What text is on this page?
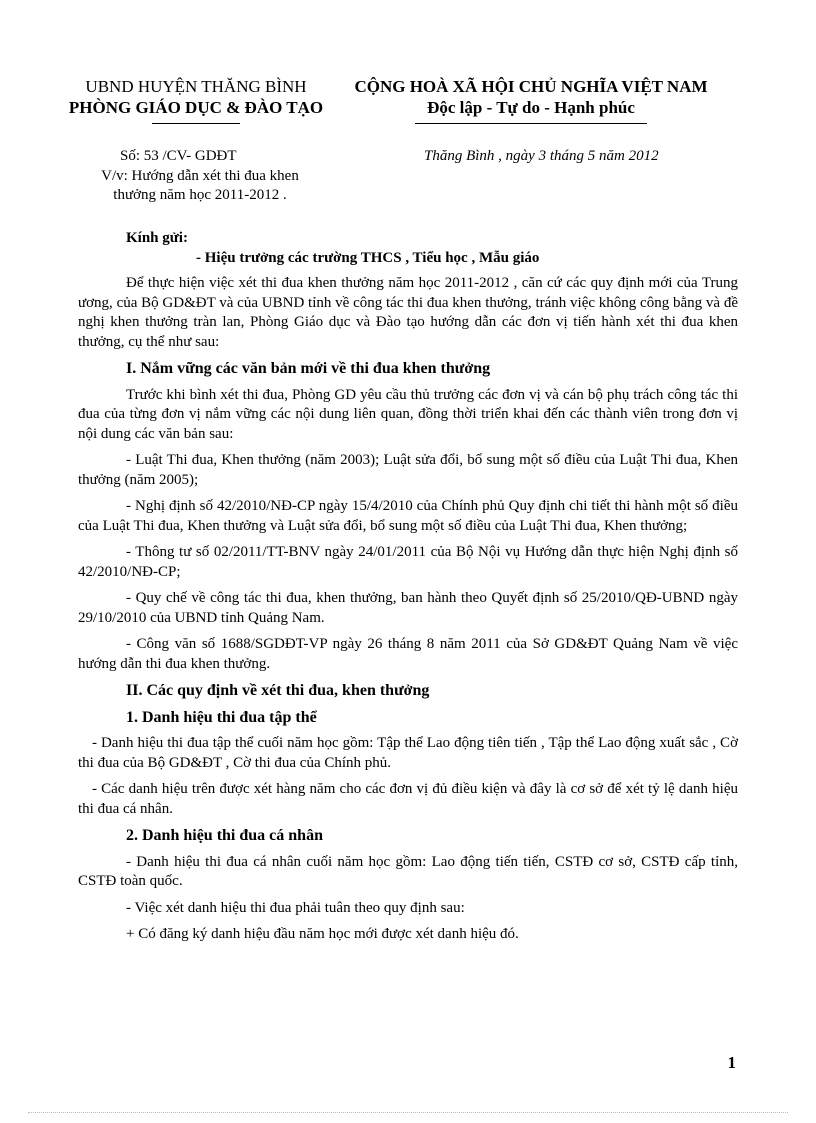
UBND HUYỆN THĂNG BÌNH
PHÒNG GIÁO DỤC & ĐÀO TẠO
CỘNG HOÀ XÃ HỘI CHỦ NGHĨA VIỆT NAM
Độc lập - Tự do - Hạnh phúc
Số: 53 /CV- GDĐT
V/v: Hướng dẫn xét thi đua khen
thưởng năm học 2011-2012 .
Thăng Bình , ngày 3 tháng 5 năm 2012

Kính gửi:

- Hiệu trưởng các trường THCS , Tiểu học , Mẫu giáo

Để thực hiện việc xét thi đua khen thưởng năm học 2011-2012 , căn cứ các quy định mới của Trung ương, của Bộ GD&ĐT và của UBND tỉnh về công tác thi đua khen thưởng, tránh việc không công bằng và đề nghị khen thưởng tràn lan, Phòng Giáo dục và Đào tạo hướng dẫn các đơn vị tiến hành xét thi đua khen thưởng, cụ thể như sau:

I. Nắm vững các văn bản mới về thi đua khen thưởng

Trước khi bình xét thi đua, Phòng GD yêu cầu thủ trưởng các đơn vị và cán bộ phụ trách công tác thi đua của từng đơn vị nắm vững các nội dung liên quan, đồng thời triển khai đến các thành viên trong đơn vị nội dung các văn bản sau:

- Luật Thi đua, Khen thưởng (năm 2003); Luật sửa đổi, bổ sung một số điều của Luật Thi đua, Khen thưởng (năm 2005);

- Nghị định số 42/2010/NĐ-CP ngày 15/4/2010 của Chính phủ Quy định chi tiết thi hành một số điều của Luật Thi đua, Khen thưởng và Luật sửa đổi, bổ sung một số điều của Luật Thi đua, Khen thưởng;

- Thông tư số 02/2011/TT-BNV ngày 24/01/2011 của Bộ Nội vụ Hướng dẫn thực hiện Nghị định số 42/2010/NĐ-CP;

- Quy chế về công tác thi đua, khen thưởng, ban hành theo Quyết định số 25/2010/QĐ-UBND ngày 29/10/2010 của UBND tỉnh Quảng Nam.

- Công văn số 1688/SGDĐT-VP ngày 26 tháng 8 năm 2011 của Sở GD&ĐT Quảng Nam về việc hướng dẫn thi đua khen thưởng.

II. Các quy định về xét thi đua, khen thưởng

1. Danh hiệu thi đua tập thể

- Danh hiệu thi đua tập thể cuối năm học gồm: Tập thể Lao động tiên tiến , Tập thể Lao động xuất sắc , Cờ thi đua của Bộ GD&ĐT , Cờ thi đua của Chính phủ.

- Các danh hiệu trên được xét hàng năm cho các đơn vị đủ điều kiện và đây là cơ sở để xét tỷ lệ danh hiệu thi đua cá nhân.

2. Danh hiệu thi đua cá nhân

- Danh hiệu thi đua cá nhân cuối năm học gồm: Lao động tiến tiến, CSTĐ cơ sở, CSTĐ cấp tỉnh, CSTĐ toàn quốc.

- Việc xét danh hiệu thi đua phải tuân theo quy định sau:

+ Có đăng ký danh hiệu đầu năm học mới được xét danh hiệu đó.

1
